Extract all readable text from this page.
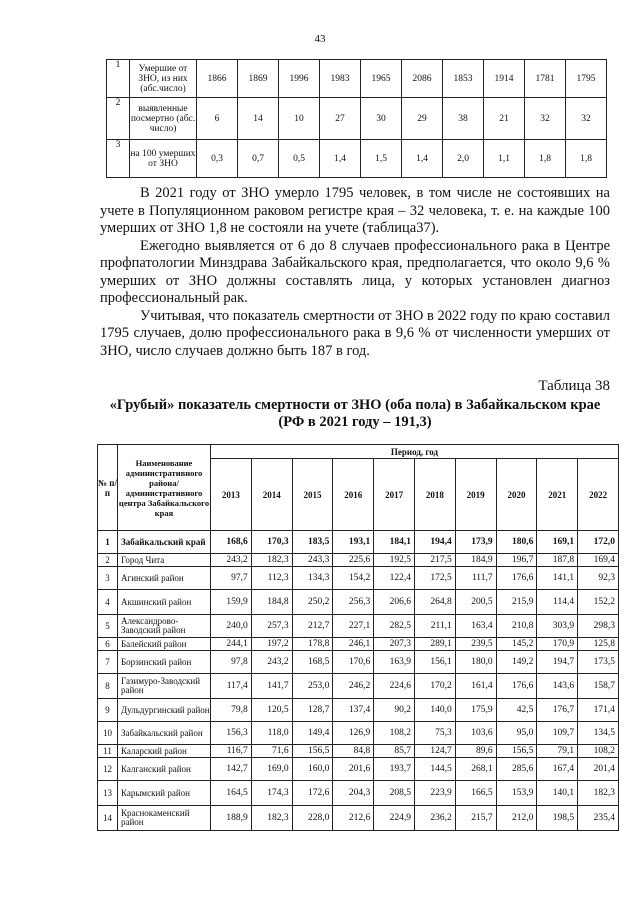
43
1	Умершие от ЗНО, из них (абс.число)	1866	1869	1996	1983	1965	2086	1853	1914	1781	1795
2	выявленные посмертно (абс. число)	6	14	10	27	30	29	38	21	32	32
3	на 100 умерших от ЗНО	0,3	0,7	0,5	1,4	1,5	1,4	2,0	1,1	1,8	1,8

В 2021 году от ЗНО умерло 1795 человек, в том числе не состоявших на учете в Популяционном раковом регистре края – 32 человека, т. е. на каждые 100 умерших от ЗНО 1,8 не состояли на учете (таблица37).

Ежегодно выявляется от 6 до 8 случаев профессионального рака в Центре профпатологии Минздрава Забайкальского края, предполагается, что около 9,6 % умерших от ЗНО должны составлять лица, у которых установлен диагноз профессиональный рак.

Учитывая, что показатель смертности от ЗНО в 2022 году по краю составил 1795 случаев, долю профессионального рака в 9,6 % от численности умерших от ЗНО, число случаев должно быть 187 в год.

Таблица 38
«Грубый» показатель смертности от ЗНО (оба пола) в Забайкальском крае (РФ в 2021 году – 191,3)
№ п/п	Наименование административного района/ административного центра Забайкальского края	Период, год									
		2013	2014	2015	2016	2017	2018	2019	2020	2021	2022
1	Забайкальский край	168,6	170,3	183,5	193,1	184,1	194,4	173,9	180,6	169,1	172,0
2	Город Чита	243,2	182,3	243,3	225,6	192,5	217,5	184,9	196,7	187,8	169,4
3	Агинский район	97,7	112,3	134,3	154,2	122,4	172,5	111,7	176,6	141,1	92,3
4	Акшинский район	159,9	184,8	250,2	256,3	206,6	264,8	200,5	215,9	114,4	152,2
5	Александрово-Заводский район	240,0	257,3	212,7	227,1	282,5	211,1	163,4	210,8	303,9	298,3
6	Балейский район	244,1	197,2	178,8	246,1	207,3	289,1	239,5	145,2	170,9	125,8
7	Борзинский район	97,8	243,2	168,5	170,6	163,9	156,1	180,0	149,2	194,7	173,5
8	Газимуро-Заводский район	117,4	141,7	253,0	246,2	224,6	170,2	161,4	176,6	143,6	158,7
9	Дульдургинский район	79,8	120,5	128,7	137,4	90,2	140,0	175,9	42,5	176,7	171,4
10	Забайкальский район	156,3	118,0	149,4	126,9	108,2	75,3	103,6	95,0	109,7	134,5
11	Каларский район	116,7	71,6	156,5	84,8	85,7	124,7	89,6	156,5	79,1	108,2
12	Калганский район	142,7	169,0	160,0	201,6	193,7	144,5	268,1	285,6	167,4	201,4
13	Карымский район	164,5	174,3	172,6	204,3	208,5	223,9	166,5	153,9	140,1	182,3
14	Краснокаменский район	188,9	182,3	228,0	212,6	224,9	236,2	215,7	212,0	198,5	235,4
